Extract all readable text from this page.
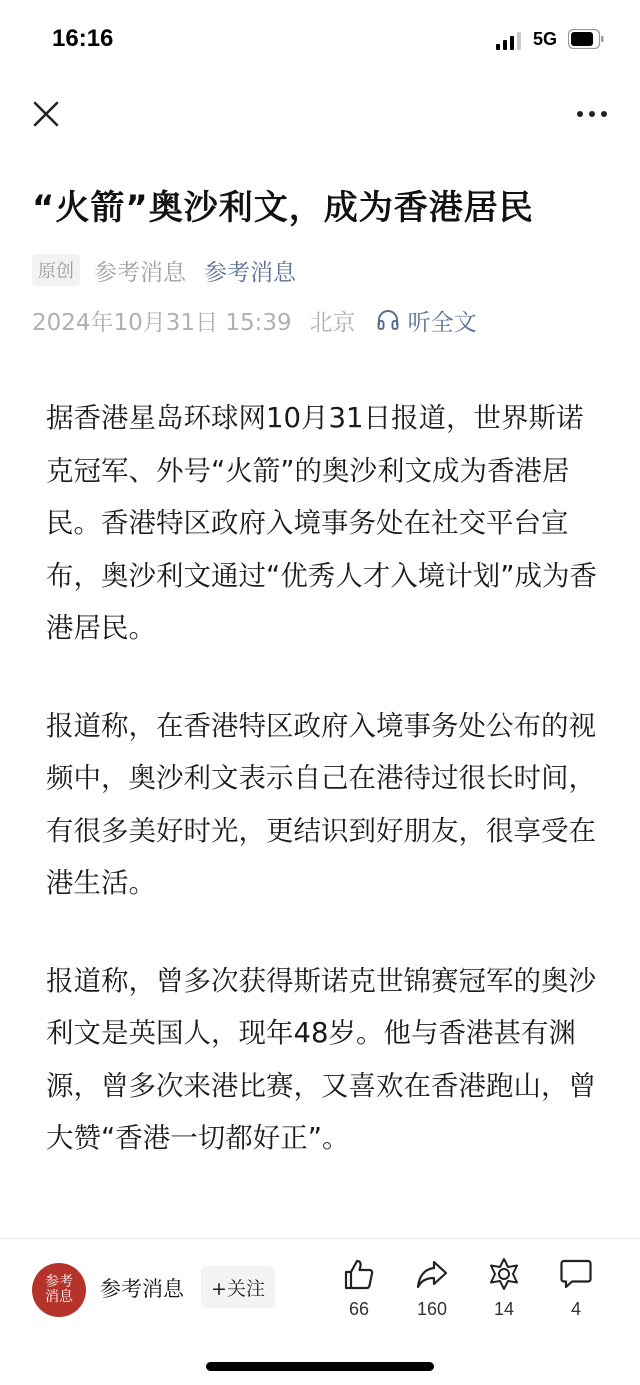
16:16	5G
“火箭”奥沙利文，成为香港居民
原创 参考消息 参考消息
2024年10月31日 15:39 北京 听全文

据香港星岛环球网10月31日报道，世界斯诺克冠军、外号“火箭”的奥沙利文成为香港居民。香港特区政府入境事务处在社交平台宣布，奥沙利文通过“优秀人才入境计划”成为香港居民。

报道称，在香港特区政府入境事务处公布的视频中，奥沙利文表示自己在港待过很长时间，有很多美好时光，更结识到好朋友，很享受在港生活。

报道称，曾多次获得斯诺克世锦赛冠军的奥沙利文是英国人，现年48岁。他与香港甚有渊源，曾多次来港比赛，又喜欢在香港跑山，曾大赞“香港一切都好正”。

参考消息 参考消息	+关注
66	160	14	4
